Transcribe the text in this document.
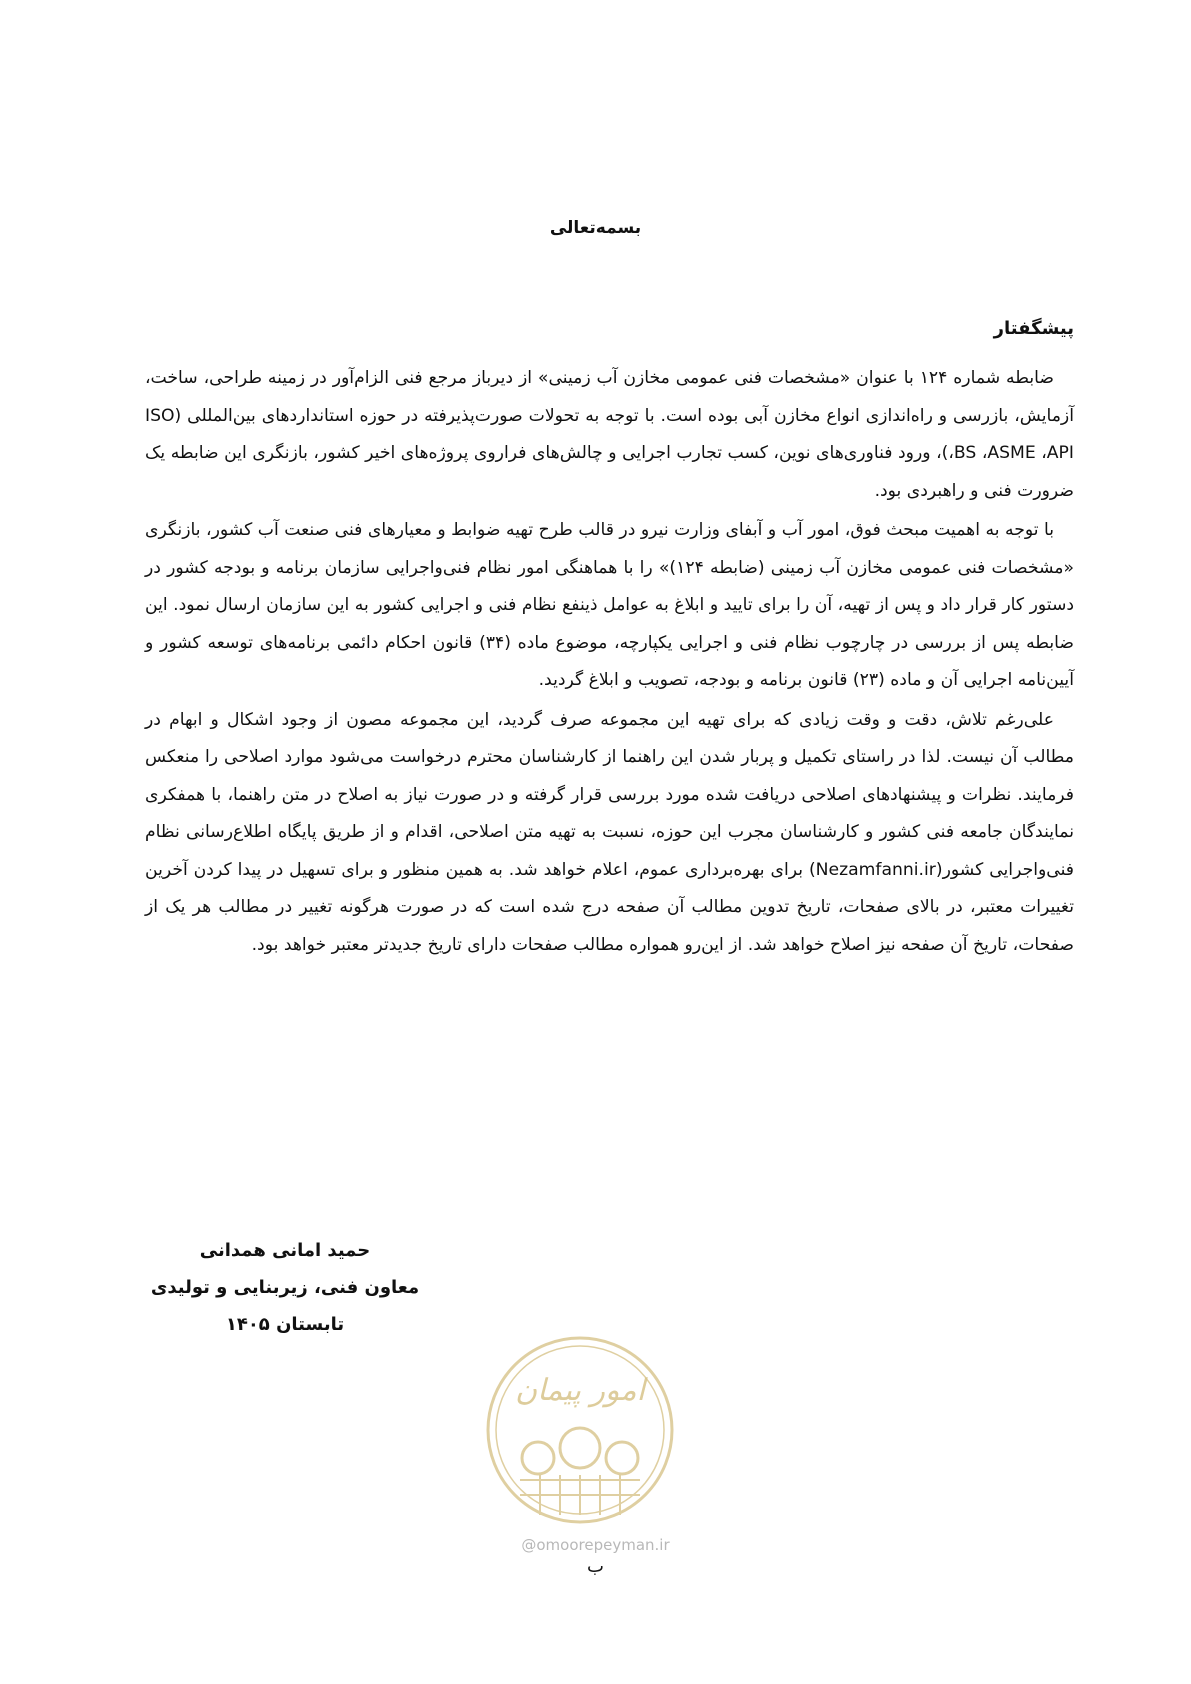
بسمه‌تعالی
پیشگفتار

ضابطه شماره ۱۲۴ با عنوان «مشخصات فنی عمومی مخازن آب زمینی» از دیرباز مرجع فنی الزام‌آور در زمینه طراحی، ساخت، آزمایش، بازرسی و راه‌اندازی انواع مخازن آبی بوده است. با توجه به تحولات صورت‌پذیرفته در حوزه استانداردهای بین‌المللی (ISO ،BS ،ASME ،API)، ورود فناوری‌های نوین، کسب تجارب اجرایی و چالش‌های فراروی پروژه‌های اخیر کشور، بازنگری این ضابطه یک ضرورت فنی و راهبردی بود.

با توجه به اهمیت مبحث فوق، امور آب و آبفای وزارت نیرو در قالب طرح تهیه ضوابط و معیارهای فنی صنعت آب کشور، بازنگری «مشخصات فنی عمومی مخازن آب زمینی (ضابطه ۱۲۴)» را با هماهنگی امور نظام فنی‌واجرایی سازمان برنامه و بودجه کشور در دستور کار قرار داد و پس از تهیه، آن را برای تایید و ابلاغ به عوامل ذینفع نظام فنی و اجرایی کشور به این سازمان ارسال نمود. این ضابطه پس از بررسی در چارچوب نظام فنی و اجرایی یکپارچه، موضوع ماده (۳۴) قانون احکام دائمی برنامه‌های توسعه کشور و آیین‌نامه اجرایی آن و ماده (۲۳) قانون برنامه و بودجه، تصویب و ابلاغ گردید.

علی‌رغم تلاش، دقت و وقت زیادی که برای تهیه این مجموعه صرف گردید، این مجموعه مصون از وجود اشکال و ابهام در مطالب آن نیست. لذا در راستای تکمیل و پربار شدن این راهنما از کارشناسان محترم درخواست می‌شود موارد اصلاحی را منعکس فرمایند. نظرات و پیشنهادهای اصلاحی دریافت شده مورد بررسی قرار گرفته و در صورت نیاز به اصلاح در متن راهنما، با همفکری نمایندگان جامعه فنی کشور و کارشناسان مجرب این حوزه، نسبت به تهیه متن اصلاحی، اقدام و از طریق پایگاه اطلاع‌رسانی نظام فنی‌واجرایی کشور(Nezamfanni.ir) برای بهره‌برداری عموم، اعلام خواهد شد. به همین منظور و برای تسهیل در پیدا کردن آخرین تغییرات معتبر، در بالای صفحات، تاریخ تدوین مطالب آن صفحه درج شده است که در صورت هرگونه تغییر در مطالب هر یک از صفحات، تاریخ آن صفحه نیز اصلاح خواهد شد. از این‌رو همواره مطالب صفحات دارای تاریخ جدیدتر معتبر خواهد بود.

حمید امانی همدانی
معاون فنی، زیربنایی و تولیدی
تابستان ۱۴۰۵
امور پیمان
@omoorepeyman.ir
ب
